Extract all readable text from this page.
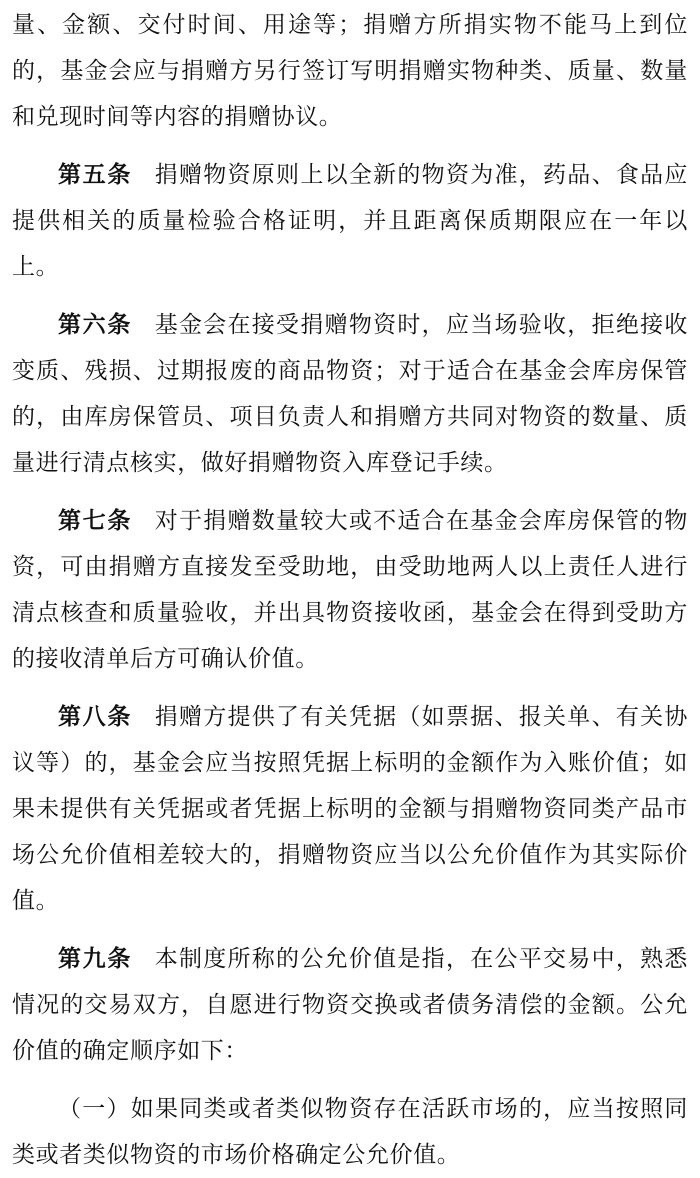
量、金额、交付时间、用途等；捐赠方所捐实物不能马上到位的，基金会应与捐赠方另行签订写明捐赠实物种类、质量、数量和兑现时间等内容的捐赠协议。

第五条 捐赠物资原则上以全新的物资为准，药品、食品应提供相关的质量检验合格证明，并且距离保质期限应在一年以上。

第六条 基金会在接受捐赠物资时，应当场验收，拒绝接收变质、残损、过期报废的商品物资；对于适合在基金会库房保管的，由库房保管员、项目负责人和捐赠方共同对物资的数量、质量进行清点核实，做好捐赠物资入库登记手续。

第七条 对于捐赠数量较大或不适合在基金会库房保管的物资，可由捐赠方直接发至受助地，由受助地两人以上责任人进行清点核查和质量验收，并出具物资接收函，基金会在得到受助方的接收清单后方可确认价值。

第八条 捐赠方提供了有关凭据（如票据、报关单、有关协议等）的，基金会应当按照凭据上标明的金额作为入账价值；如果未提供有关凭据或者凭据上标明的金额与捐赠物资同类产品市场公允价值相差较大的，捐赠物资应当以公允价值作为其实际价值。

第九条 本制度所称的公允价值是指，在公平交易中，熟悉情况的交易双方，自愿进行物资交换或者债务清偿的金额。公允价值的确定顺序如下：

（一）如果同类或者类似物资存在活跃市场的，应当按照同类或者类似物资的市场价格确定公允价值。
